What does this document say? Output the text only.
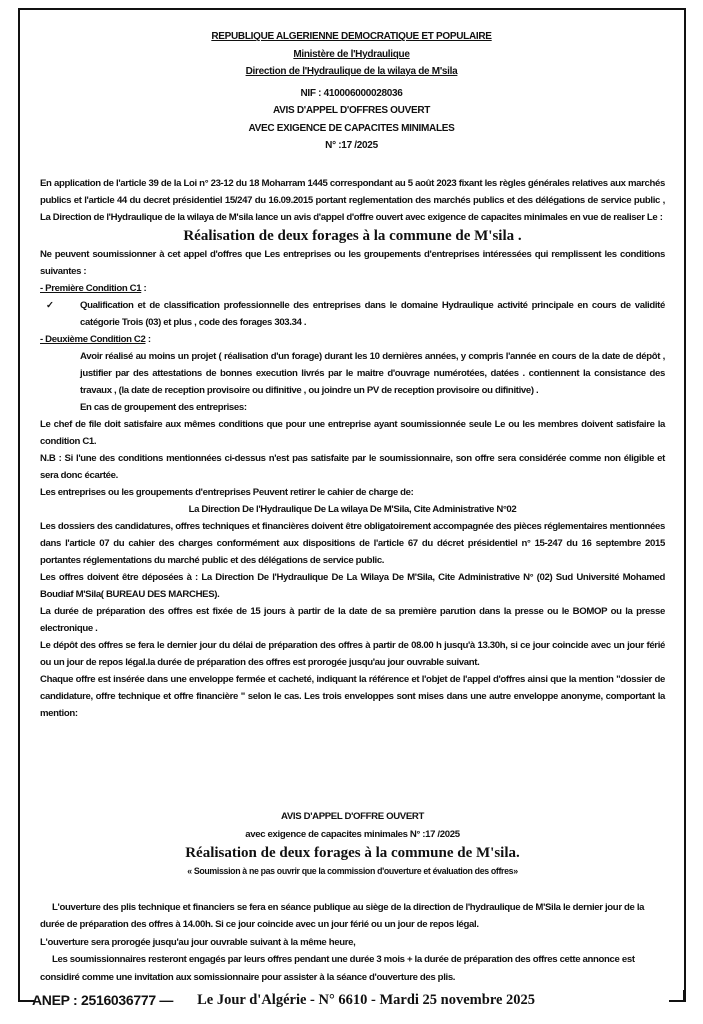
REPUBLIQUE ALGERIENNE DEMOCRATIQUE ET POPULAIRE
Ministère de l'Hydraulique
Direction de l'Hydraulique de la wilaya de M'sila
NIF : 410006000028036
AVIS D'APPEL D'OFFRES OUVERT
AVEC EXIGENCE DE CAPACITES MINIMALES
N° :17 /2025

En application de l'article 39 de la Loi n° 23-12 du 18 Moharram 1445 correspondant au 5 août 2023 fixant les règles générales relatives aux marchés publics et l'article 44 du decret présidentiel 15/247 du 16.09.2015 portant reglementation des marchés publics et des délégations de service public , La Direction de l'Hydraulique de la wilaya de M'sila lance un avis d'appel d'offre ouvert avec exigence de capacites minimales en vue de realiser Le :

Réalisation de deux forages à la commune de M'sila .

Ne peuvent soumissionner à cet appel d'offres que Les entreprises ou les groupements d'entreprises intéressées qui remplissent les conditions suivantes :

- Première Condition C1 :

✓	Qualification et de classification professionnelle des entreprises dans le domaine Hydraulique activité principale en cours de validité catégorie Trois (03) et plus , code des forages 303.34 .

- Deuxième Condition C2 :

Avoir réalisé au moins un projet ( réalisation d'un forage) durant les 10 dernières années, y compris l'année en cours de la date de dépôt , justifier par des attestations de bonnes execution livrés par le maitre d'ouvrage numérotées, datées . contiennent la consistance des travaux , (la date de reception provisoire ou difinitive , ou joindre un PV de reception provisoire ou difinitive) .

En cas de groupement des entreprises:

Le chef de file doit satisfaire aux mêmes conditions que pour une entreprise ayant soumissionnée seule Le ou les membres doivent satisfaire la condition C1.

N.B : Si l'une des conditions mentionnées ci-dessus n'est pas satisfaite par le soumissionnaire, son offre sera considérée comme non éligible et sera donc écartée.

Les entreprises ou les groupements d'entreprises Peuvent retirer le cahier de charge de:

La Direction De l'Hydraulique De La wilaya De M'Sila, Cite Administrative N°02

Les dossiers des candidatures, offres techniques et financières doivent être obligatoirement accompagnée des pièces réglementaires mentionnées dans l'article 07 du cahier des charges conformément aux dispositions de l'article 67 du décret présidentiel n° 15-247 du 16 septembre 2015 portantes réglementations du marché public et des délégations de service public.

Les offres doivent être déposées à : La Direction De l'Hydraulique De La Wilaya De M'Sila, Cite Administrative N° (02) Sud Université Mohamed Boudiaf M'Sila( BUREAU DES MARCHES).

La durée de préparation des offres est fixée de 15 jours à partir de la date de sa première parution dans la presse ou le BOMOP ou la presse electronique .

Le dépôt des offres se fera le dernier jour du délai de préparation des offres à partir de 08.00 h jusqu'à 13.30h, si ce jour coincide avec un jour férié ou un jour de repos légal.la durée de préparation des offres est prorogée jusqu'au jour ouvrable suivant.

Chaque offre est insérée dans une enveloppe fermée et cacheté, indiquant la référence et l'objet de l'appel d'offres ainsi que la mention "dossier de candidature, offre technique et offre financière " selon le cas. Les trois enveloppes sont mises dans une autre enveloppe anonyme, comportant la mention:

AVIS D'APPEL D'OFFRE OUVERT

avec exigence de capacites minimales N° :17 /2025

Réalisation de deux forages à la commune de M'sila.

« Soumission à ne pas ouvrir que la commission d'ouverture et évaluation des offres»

L'ouverture des plis technique et financiers se fera en séance publique au siège de la direction de l'hydraulique de M'Sila le dernier jour de la durée de préparation des offres à 14.00h. Si ce jour coincide avec un jour férié ou un jour de repos légal.

L'ouverture sera prorogée jusqu'au jour ouvrable suivant à la même heure,

Les soumissionnaires resteront engagés par leurs offres pendant une durée 3 mois + la durée de préparation des offres cette annonce est considiré comme une invitation aux somissionnaire pour assister à la séance d'ouverture des plis.

ANEP : 2516036777 — Le Jour d'Algérie - N° 6610 - Mardi 25 novembre 2025
